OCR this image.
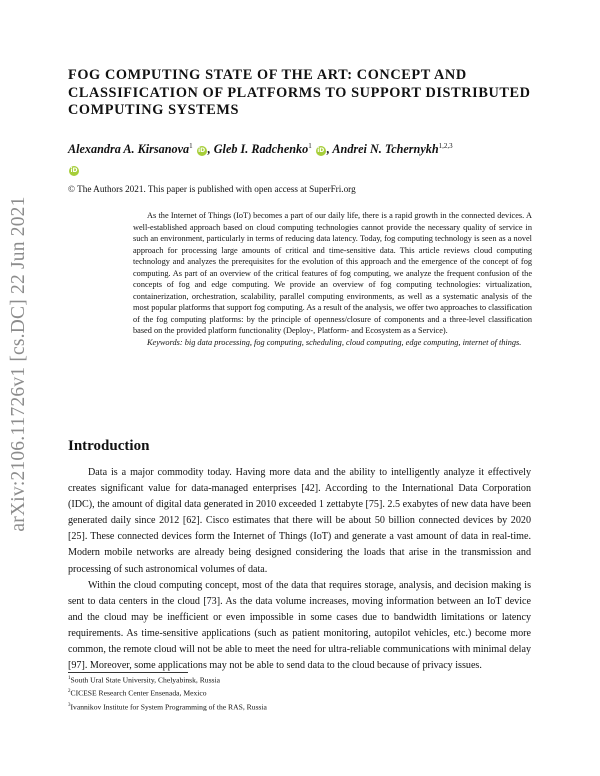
arXiv:2106.11726v1 [cs.DC] 22 Jun 2021
FOG COMPUTING STATE OF THE ART: CONCEPT AND CLASSIFICATION OF PLATFORMS TO SUPPORT DISTRIBUTED COMPUTING SYSTEMS
Alexandra A. Kirsanova$^1$ iD , Gleb I. Radchenko$^1$ iD , Andrei N. Tchernykh$^{1,2,3}$
iD
© The Authors 2021. This paper is published with open access at SuperFri.org

As the Internet of Things (IoT) becomes a part of our daily life, there is a rapid growth in the connected devices. A well-established approach based on cloud computing technologies cannot provide the necessary quality of service in such an environment, particularly in terms of reducing data latency. Today, fog computing technology is seen as a novel approach for processing large amounts of critical and time-sensitive data. This article reviews cloud computing technology and analyzes the prerequisites for the evolution of this approach and the emergence of the concept of fog computing. As part of an overview of the critical features of fog computing, we analyze the frequent confusion of the concepts of fog and edge computing. We provide an overview of fog computing technologies: virtualization, containerization, orchestration, scalability, parallel computing environments, as well as a systematic analysis of the most popular platforms that support fog computing. As a result of the analysis, we offer two approaches to classification of the fog computing platforms: by the principle of openness/closure of components and a three-level classification based on the provided platform functionality (Deploy-, Platform- and Ecosystem as a Service).

Keywords: big data processing, fog computing, scheduling, cloud computing, edge computing, internet of things.

Introduction

Data is a major commodity today. Having more data and the ability to intelligently analyze it effectively creates significant value for data-managed enterprises [42]. According to the International Data Corporation (IDC), the amount of digital data generated in 2010 exceeded 1 zettabyte [75]. 2.5 exabytes of new data have been generated daily since 2012 [62]. Cisco estimates that there will be about 50 billion connected devices by 2020 [25]. These connected devices form the Internet of Things (IoT) and generate a vast amount of data in real-time. Modern mobile networks are already being designed considering the loads that arise in the transmission and processing of such astronomical volumes of data.

Within the cloud computing concept, most of the data that requires storage, analysis, and decision making is sent to data centers in the cloud [73]. As the data volume increases, moving information between an IoT device and the cloud may be inefficient or even impossible in some cases due to bandwidth limitations or latency requirements. As time-sensitive applications (such as patient monitoring, autopilot vehicles, etc.) become more common, the remote cloud will not be able to meet the need for ultra-reliable communications with minimal delay [97]. Moreover, some applications may not be able to send data to the cloud because of privacy issues.

$^1$South Ural State University, Chelyabinsk, Russia
$^2$CICESE Research Center Ensenada, Mexico
$^3$Ivannikov Institute for System Programming of the RAS, Russia
